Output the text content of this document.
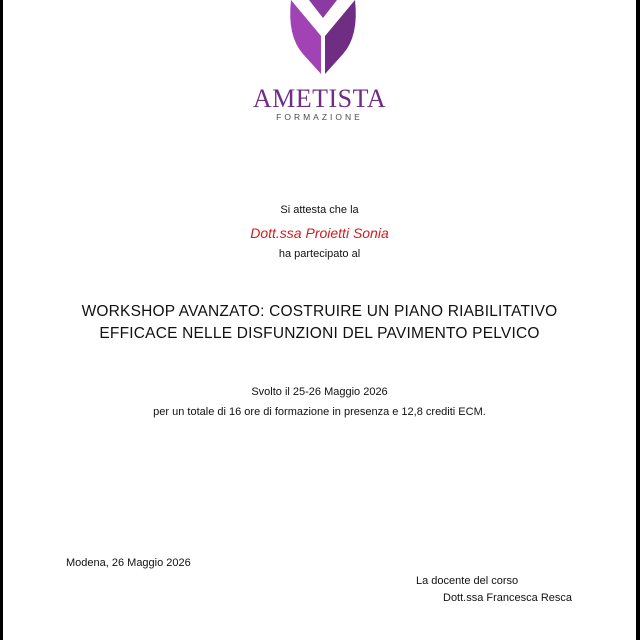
AMETISTA
FORMAZIONE
Si attesta che la
Dott.ssa Proietti Sonia
ha partecipato al
WORKSHOP AVANZATO: COSTRUIRE UN PIANO RIABILITATIVO
EFFICACE NELLE DISFUNZIONI DEL PAVIMENTO PELVICO
Svolto il 25-26 Maggio 2026
per un totale di 16 ore di formazione in presenza e 12,8 crediti ECM.
Modena, 26 Maggio 2026
La docente del corso
Dott.ssa Francesca Resca
